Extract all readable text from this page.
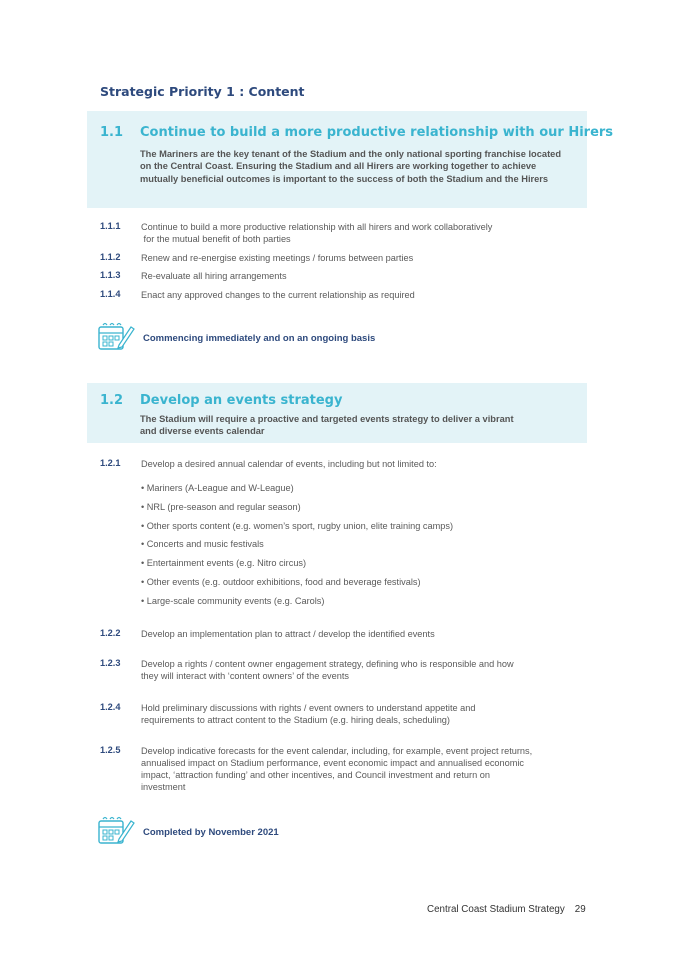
Strategic Priority 1 : Content
1.1 Continue to build a more productive relationship with our Hirers
The Mariners are the key tenant of the Stadium and the only national sporting franchise located on the Central Coast. Ensuring the Stadium and all Hirers are working together to achieve mutually beneficial outcomes is important to the success of both the Stadium and the Hirers
1.1.1 Continue to build a more productive relationship with all hirers and work collaboratively
for the mutual benefit of both parties
1.1.2 Renew and re-energise existing meetings / forums between parties
1.1.3 Re-evaluate all hiring arrangements
1.1.4 Enact any approved changes to the current relationship as required
Commencing immediately and on an ongoing basis
1.2 Develop an events strategy
The Stadium will require a proactive and targeted events strategy to deliver a vibrant and diverse events calendar
1.2.1 Develop a desired annual calendar of events, including but not limited to:
• Mariners (A-League and W-League)
• NRL (pre-season and regular season)
• Other sports content (e.g. women’s sport, rugby union, elite training camps)
• Concerts and music festivals
• Entertainment events (e.g. Nitro circus)
• Other events (e.g. outdoor exhibitions, food and beverage festivals)
• Large-scale community events (e.g. Carols)
1.2.2 Develop an implementation plan to attract / develop the identified events
1.2.3 Develop a rights / content owner engagement strategy, defining who is responsible and how
they will interact with ‘content owners’ of the events
1.2.4 Hold preliminary discussions with rights / event owners to understand appetite and
requirements to attract content to the Stadium (e.g. hiring deals, scheduling)
1.2.5 Develop indicative forecasts for the event calendar, including, for example, event project returns,
annualised impact on Stadium performance, event economic impact and annualised economic
impact, ‘attraction funding’ and other incentives, and Council investment and return on
investment
Completed by November 2021
Central Coast Stadium Strategy 29
